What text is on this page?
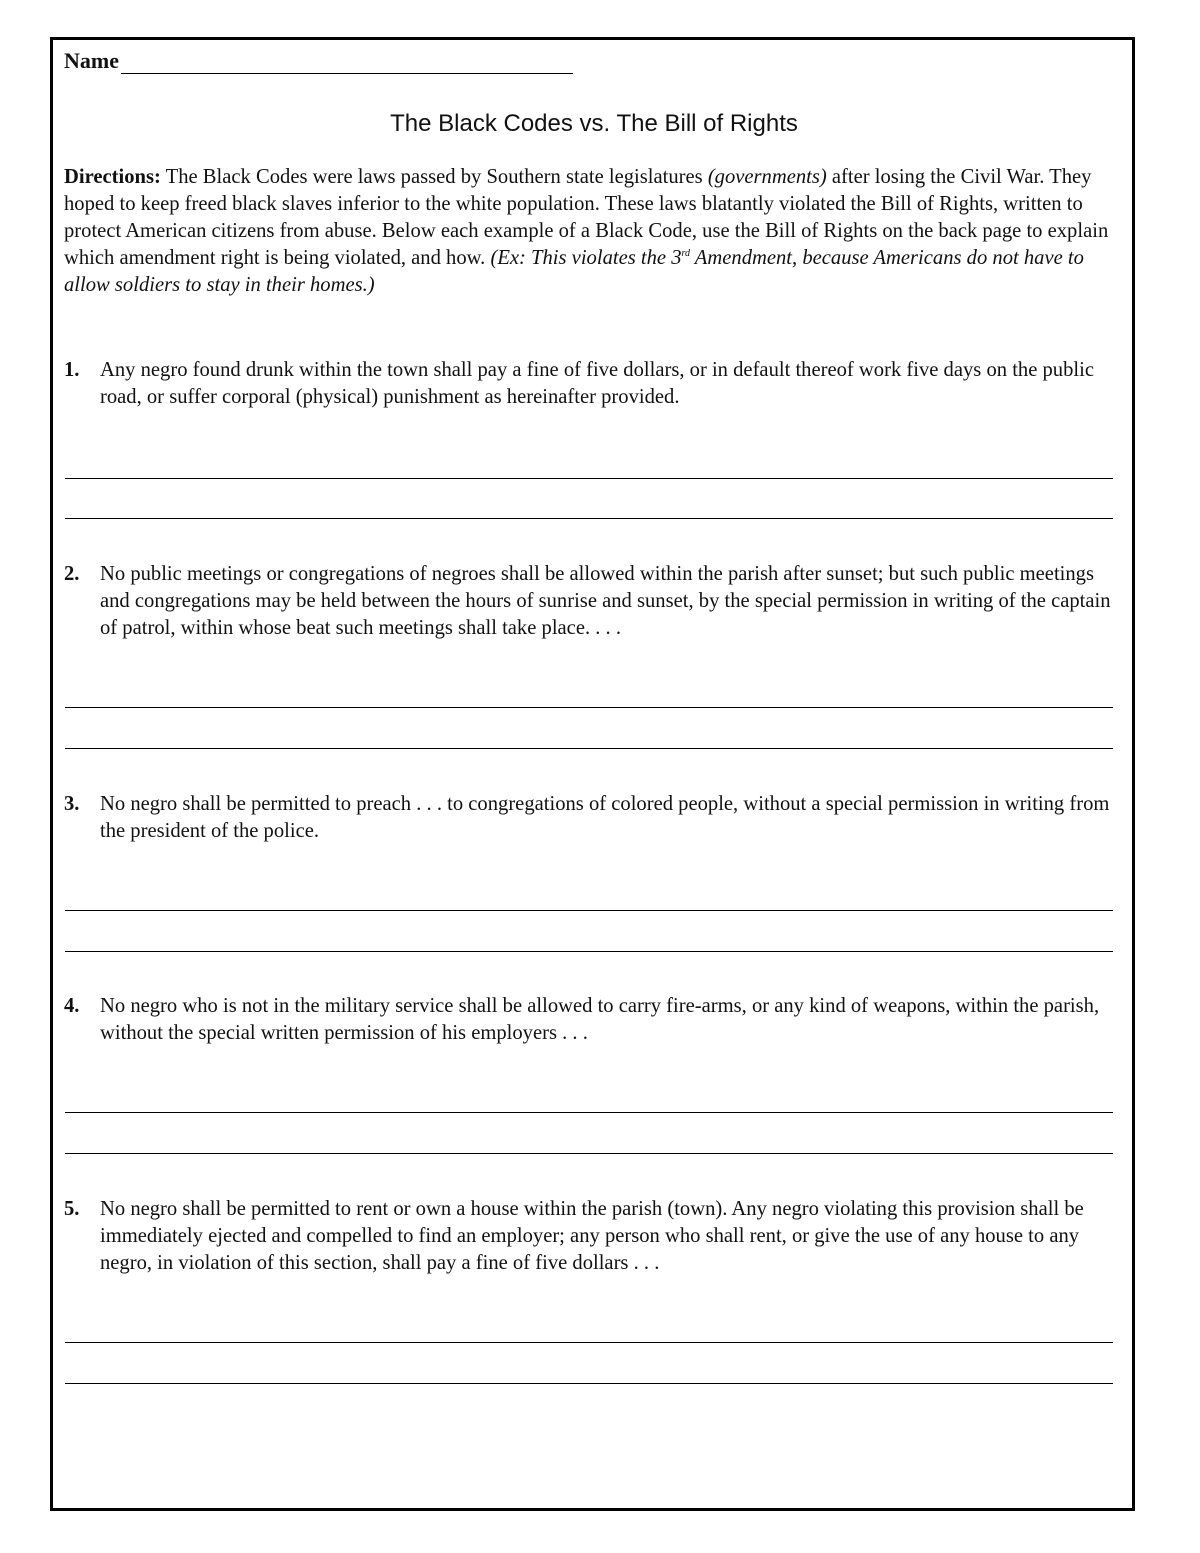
Name
The Black Codes vs. The Bill of Rights
Directions: The Black Codes were laws passed by Southern state legislatures (governments) after losing the Civil War. They hoped to keep freed black slaves inferior to the white population. These laws blatantly violated the Bill of Rights, written to protect American citizens from abuse. Below each example of a Black Code, use the Bill of Rights on the back page to explain which amendment right is being violated, and how. (Ex: This violates the 3rd Amendment, because Americans do not have to allow soldiers to stay in their homes.)
1. Any negro found drunk within the town shall pay a fine of five dollars, or in default thereof work five days on the public road, or suffer corporal (physical) punishment as hereinafter provided.
2. No public meetings or congregations of negroes shall be allowed within the parish after sunset; but such public meetings and congregations may be held between the hours of sunrise and sunset, by the special permission in writing of the captain of patrol, within whose beat such meetings shall take place. . . .
3. No negro shall be permitted to preach . . . to congregations of colored people, without a special permission in writing from the president of the police.
4. No negro who is not in the military service shall be allowed to carry fire-arms, or any kind of weapons, within the parish, without the special written permission of his employers . . .
5. No negro shall be permitted to rent or own a house within the parish (town). Any negro violating this provision shall be immediately ejected and compelled to find an employer; any person who shall rent, or give the use of any house to any negro, in violation of this section, shall pay a fine of five dollars . . .
